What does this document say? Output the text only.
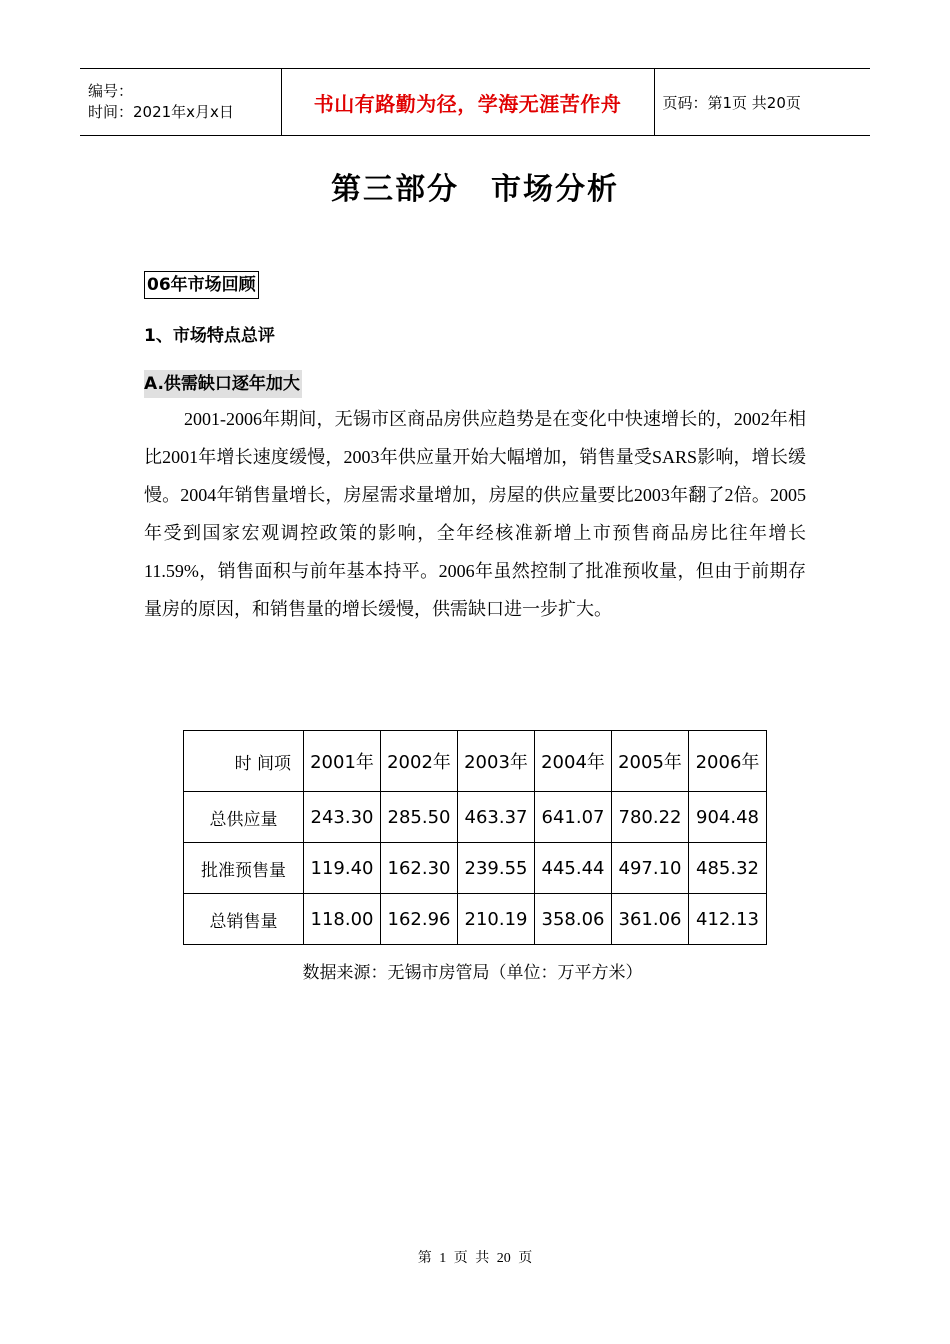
编号：
时间：2021年x月x日	书山有路勤为径，学海无涯苦作舟	页码：第1页 共20页
第三部分　市场分析
06年市场回顾
1、市场特点总评
A.供需缺口逐年加大

2001-2006年期间，无锡市区商品房供应趋势是在变化中快速增长的，2002年相比2001年增长速度缓慢，2003年供应量开始大幅增加，销售量受SARS影响，增长缓慢。2004年销售量增长，房屋需求量增加，房屋的供应量要比2003年翻了2倍。2005年受到国家宏观调控政策的影响，全年经核准新增上市预售商品房比往年增长11.59%，销售面积与前年基本持平。2006年虽然控制了批准预收量，但由于前期存量房的原因，和销售量的增长缓慢，供需缺口进一步扩大。

时 间项	2001年	2002年	2003年	2004年	2005年	2006年
总供应量	243.30	285.50	463.37	641.07	780.22	904.48
批准预售量	119.40	162.30	239.55	445.44	497.10	485.32
总销售量	118.00	162.96	210.19	358.06	361.06	412.13
数据来源：无锡市房管局（单位：万平方米）
第 1 页 共 20 页
